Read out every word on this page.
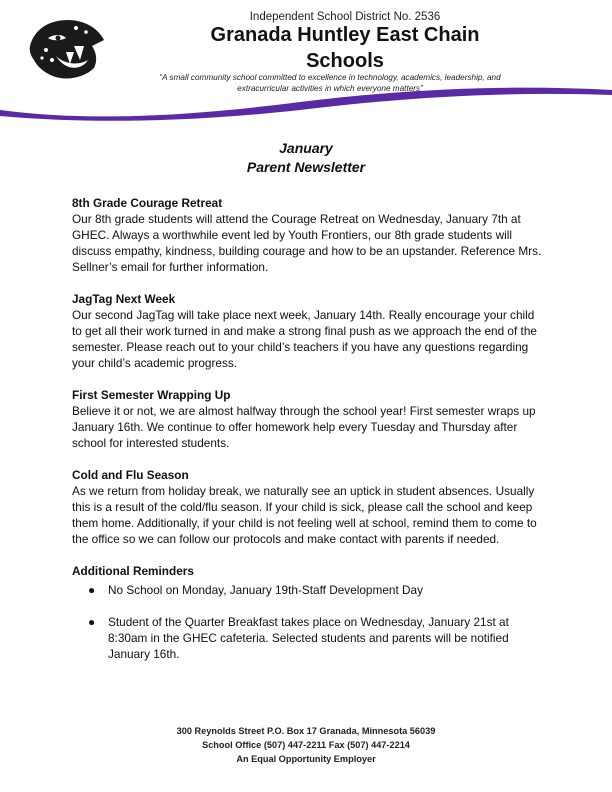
Independent School District No. 2536
Granada Huntley East Chain
Schools
“A small community school committed to excellence in technology, academics, leadership, and extracurricular activities in which everyone matters”
January
Parent Newsletter
8th Grade Courage Retreat
Our 8th grade students will attend the Courage Retreat on Wednesday, January 7th at GHEC. Always a worthwhile event led by Youth Frontiers, our 8th grade students will discuss empathy, kindness, building courage and how to be an upstander. Reference Mrs. Sellner’s email for further information.
JagTag Next Week
Our second JagTag will take place next week, January 14th. Really encourage your child to get all their work turned in and make a strong final push as we approach the end of the semester. Please reach out to your child’s teachers if you have any questions regarding your child’s academic progress.
First Semester Wrapping Up
Believe it or not, we are almost halfway through the school year! First semester wraps up January 16th. We continue to offer homework help every Tuesday and Thursday after school for interested students.
Cold and Flu Season
As we return from holiday break, we naturally see an uptick in student absences. Usually this is a result of the cold/flu season. If your child is sick, please call the school and keep them home. Additionally, if your child is not feeling well at school, remind them to come to the office so we can follow our protocols and make contact with parents if needed.
Additional Reminders
● No School on Monday, January 19th-Staff Development Day
● Student of the Quarter Breakfast takes place on Wednesday, January 21st at 8:30am in the GHEC cafeteria. Selected students and parents will be notified January 16th.
300 Reynolds Street P.O. Box 17 Granada, Minnesota 56039
School Office (507) 447-2211 Fax (507) 447-2214
An Equal Opportunity Employer
